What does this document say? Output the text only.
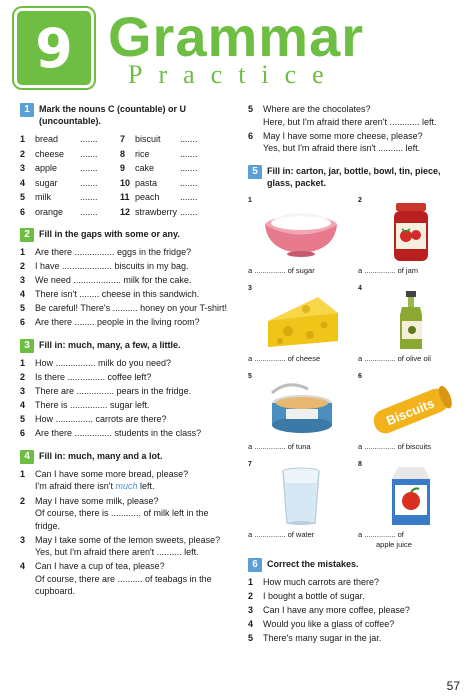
9 Grammar
Practice
1	Mark the nouns C (countable) or U (uncountable).
1	bread	....... 7	biscuit	.......
2	cheese	....... 8	rice	.......
3	apple	....... 9	cake	.......
4	sugar	....... 10 pasta	.......
5	milk	....... 11 peach	.......
6	orange	....... 12 strawberry .......
2	Fill in the gaps with some or any.
1	Are there ................ eggs in the fridge?
2	I have .................... biscuits in my bag.
3	We need ................... milk for the cake.
4	There isn't ........ cheese in this sandwich.
5	Be careful! There's .......... honey on your T-shirt!
6	Are there ........ people in the living room?
3	Fill in: much, many, a few, a little.
1	How ................ milk do you need?
2	Is there ............... coffee left?
3	There are ............... pears in the fridge.
4	There is ............... sugar left.
5	How ............... carrots are there?
6	Are there ............... students in the class?
4	Fill in: much, many and a lot.
1	Can I have some more bread, please?
I'm afraid there isn't much left.
2	May I have some milk, please?
Of course, there is ............ of milk left in the fridge.
3	May I take some of the lemon sweets, please?
Yes, but I'm afraid there aren't .......... left.
4	Can I have a cup of tea, please?
Of course, there are .......... of teabags in the cupboard.
5	Where are the chocolates?
Here, but I'm afraid there aren't ............ left.
6	May I have some more cheese, please?
Yes, but I'm afraid there isn't .......... left.
5	Fill in: carton, jar, bottle, bowl, tin, piece, glass, packet.
1
a ............... of sugar
2
a ............... of jam
3
a ............... of cheese
4
a ............... of olive oil
5
a ............... of tuna
6
Biscuits
a ............... of biscuits
7
a ............... of water
8
a ............... of
apple juice
6	Correct the mistakes.
1	How much carrots are there?
2	I bought a bottle of sugar.
3	Can I have any more coffee, please?
4	Would you like a glass of coffee?
5	There's many sugar in the jar.
57
